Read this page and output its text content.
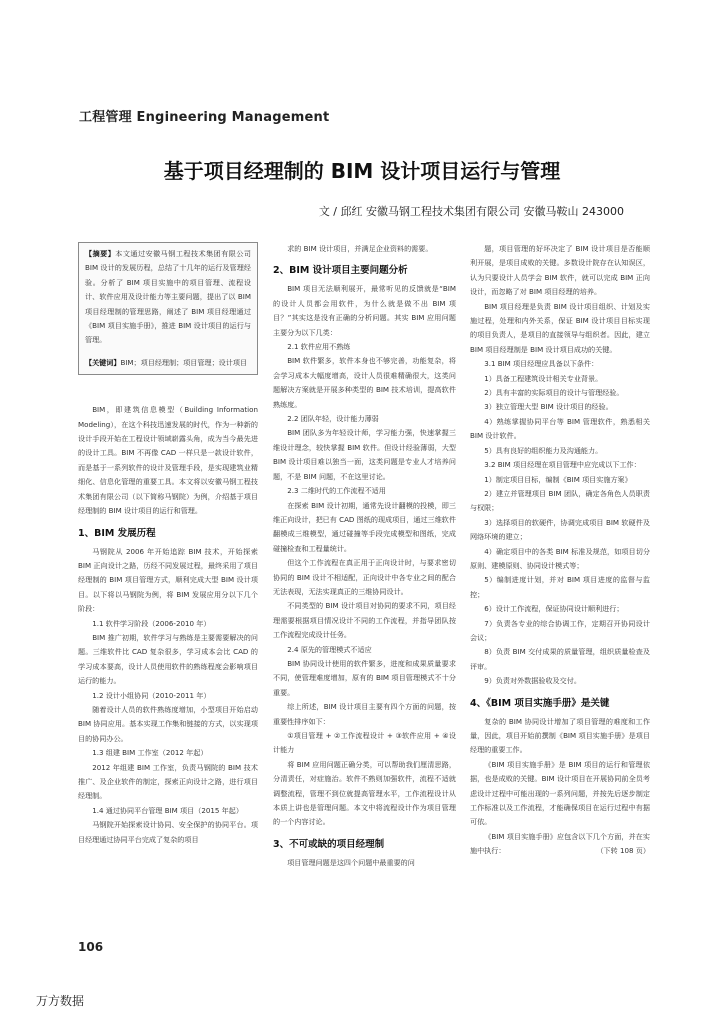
工程管理 Engineering Management
基于项目经理制的 BIM 设计项目运行与管理
文 / 邱红 安徽马钢工程技术集团有限公司 安徽马鞍山 243000

【摘要】本文通过安徽马钢工程技术集团有限公司 BIM 设计的发展历程，总结了十几年的运行及管理经验。分析了 BIM 项目实施中的项目管理、流程设计、软件应用及设计能力等主要问题，提出了以 BIM 项目经理制的管理思路，阐述了 BIM 项目经理通过《BIM 项目实施手册》，推进 BIM 设计项目的运行与管理。

【关键词】BIM；项目经理制；项目管理；设计项目

BIM，即建筑信息模型（Building Information Modeling），在这个科技迅速发展的时代，作为一种新的设计手段开始在工程设计领域崭露头角，成为当今最先进的设计工具。BIM 不再像 CAD 一样只是一款设计软件，而是基于一系列软件的设计及管理手段，是实现建筑业精细化、信息化管理的重要工具。本文将以安徽马钢工程技术集团有限公司（以下简称马钢院）为例，介绍基于项目经理制的 BIM 设计项目的运行和管理。

1、BIM 发展历程

马钢院从 2006 年开始追踪 BIM 技术，开始探索 BIM 正向设计之路，历经不同发展过程，最终采用了项目经理制的 BIM 项目管理方式，顺利完成大型 BIM 设计项目。以下将以马钢院为例，将 BIM 发展应用分以下几个阶段：

1.1 软件学习阶段（2006-2010 年）

BIM 推广初期，软件学习与熟练是主要需要解决的问题。三维软件比 CAD 复杂很多，学习成本会比 CAD 的学习成本要高，设计人员使用软件的熟练程度会影响项目运行的能力。

1.2 设计小组协同（2010-2011 年）

随着设计人员的软件熟练度增加，小型项目开始启动 BIM 协同应用。基本实现工作集和链接的方式，以实现项目的协同办公。

1.3 组建 BIM 工作室（2012 年起）

2012 年组建 BIM 工作室，负责马钢院的 BIM 技术推广、及企业软件的制定，探索正向设计之路，进行项目经理制。

1.4 通过协同平台管理 BIM 项目（2015 年起）

马钢院开始探索设计协同、安全保护的协同平台。项目经理通过协同平台完成了复杂的项目

求的 BIM 设计项目，并满足企业资料的需要。

2、BIM 设计项目主要问题分析

BIM 项目无法顺利展开，最常听见的反馈就是“BIM 的设计人员都会用软件，为什么就是做不出 BIM 项目？”其实这是没有正确的分析问题。其实 BIM 应用问题主要分为以下几类：

2.1 软件应用不熟练

BIM 软件繁多，软件本身也不够完善，功能复杂，将会学习成本大幅度增高，设计人员很难精确很大，这类问题解决方案就是开展多种类型的 BIM 技术培训，提高软件熟练度。

2.2 团队年轻，设计能力薄弱

BIM 团队多为年轻设计师，学习能力强，快速掌握三维设计理念，较快掌握 BIM 软件。但设计经验薄弱，大型 BIM 设计项目难以独当一面，这类问题是专业人才培养问题，不是 BIM 问题，不在这里讨论。

2.3 二维时代的工作流程不适用

在探索 BIM 设计初期，通常先设计翻模的投模，即三维正向设计，把已有 CAD 图纸的现成项目，通过三维软件翻模成三维模型，通过碰撞等手段完成模型和图纸，完成碰撞检查和工程量统计。

但这个工作流程在真正用于正向设计时，与要求密切协同的 BIM 设计不相适配，正向设计中各专业之间的配合无法表现，无法实现真正的三维协同设计。

不同类型的 BIM 设计项目对协同的要求不同，项目经理需要根据项目情况设计不同的工作流程，并指导团队按工作流程完成设计任务。

2.4 原先的管理模式不适应

BIM 协同设计使用的软件繁多，进度和成果质量要求不同，使管理难度增加，原有的 BIM 项目管理模式不十分重要。

综上所述，BIM 设计项目主要有四个方面的问题，按重要性排序如下：

①项目管理 + ②工作流程设计 + ③软件应用 + ④设计能力

将 BIM 应用问题正确分类，可以帮助我们厘清思路，分清责任，对症施治。软件不熟则加强软件，流程不适就调整流程，管理不到位就提高管理水平，工作流程设计从本质上讲也是管理问题。本文中将流程设计作为项目管理的一个内容讨论。

3、不可或缺的项目经理制

项目管理问题是这四个问题中最重要的问

题，项目管理的好坏决定了 BIM 设计项目是否能顺利开展，是项目成败的关键。多数设计院存在认知误区，认为只要设计人员学会 BIM 软件，就可以完成 BIM 正向设计，而忽略了对 BIM 项目经理的培养。

BIM 项目经理是负责 BIM 设计项目组织、计划及实施过程，处理和内外关系，保证 BIM 设计项目目标实现的项目负责人，是项目的直接领导与组织者。因此，建立 BIM 项目经理制是 BIM 设计项目成功的关键。

3.1 BIM 项目经理应具备以下条件：

1）具备工程建筑设计相关专业背景。

2）具有丰富的实际项目的设计与管理经验。

3）独立管理大型 BIM 设计项目的经验。

4）熟练掌握协同平台等 BIM 管理软件，熟悉相关 BIM 设计软件。

5）具有良好的组织能力及沟通能力。

3.2 BIM 项目经理在项目管理中应完成以下工作：

1）制定项目目标，编制《BIM 项目实施方案》

2）建立并管理项目 BIM 团队，确定各角色人员职责与权限；

3）选择项目的软硬件，协调完成项目 BIM 软硬件及网络环境的建立；

4）确定项目中的各类 BIM 标准及规范，如项目切分原则、建模原则、协同设计模式等；

5）编制进度计划，并对 BIM 项目进度的监督与监控；

6）设计工作流程，保证协同设计顺利进行；

7）负责各专业的综合协调工作，定期召开协同设计会议；

8）负责 BIM 交付成果的质量管理，组织质量检查及评审。

9）负责对外数据验收及交付。

4、《BIM 项目实施手册》是关键

复杂的 BIM 协同设计增加了项目管理的难度和工作量，因此，项目开始前撰制《BIM 项目实施手册》是项目经理的重要工作。

《BIM 项目实施手册》是 BIM 项目的运行和管理依据，也是成败的关键。BIM 设计项目在开展协同前全员考虑设计过程中可能出现的一系列问题，并按先后逐步制定工作标准以及工作流程，才能确保项目在运行过程中有据可依。

《BIM 项目实施手册》应包含以下几个方面，并在实施中执行：	（下转 108 页）

106
万方数据
